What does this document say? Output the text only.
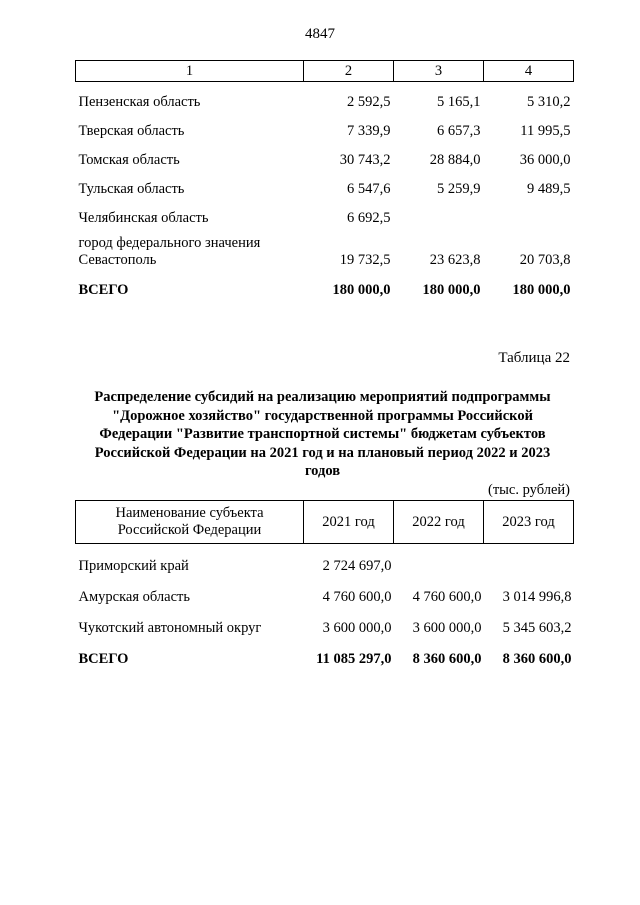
4847
1	2	3	4
Пензенская область	2 592,5	5 165,1	5 310,2
Тверская область	7 339,9	6 657,3	11 995,5
Томская область	30 743,2	28 884,0	36 000,0
Тульская область	6 547,6	5 259,9	9 489,5
Челябинская область	6 692,5		

город федерального значения
Севастополь	19 732,5	23 623,8	20 703,8
ВСЕГО	180 000,0	180 000,0	180 000,0
Таблица 22
Распределение субсидий на реализацию мероприятий подпрограммы "Дорожное хозяйство" государственной программы Российской Федерации "Развитие транспортной системы" бюджетам субъектов Российской Федерации на 2021 год и на плановый период 2022 и 2023 годов
(тыс. рублей)
Наименование субъекта
Российской Федерации	2021 год	2022 год	2023 год
Приморский край	2 724 697,0		
Амурская область	4 760 600,0	4 760 600,0	3 014 996,8
Чукотский автономный округ	3 600 000,0	3 600 000,0	5 345 603,2
ВСЕГО	11 085 297,0	8 360 600,0	8 360 600,0
